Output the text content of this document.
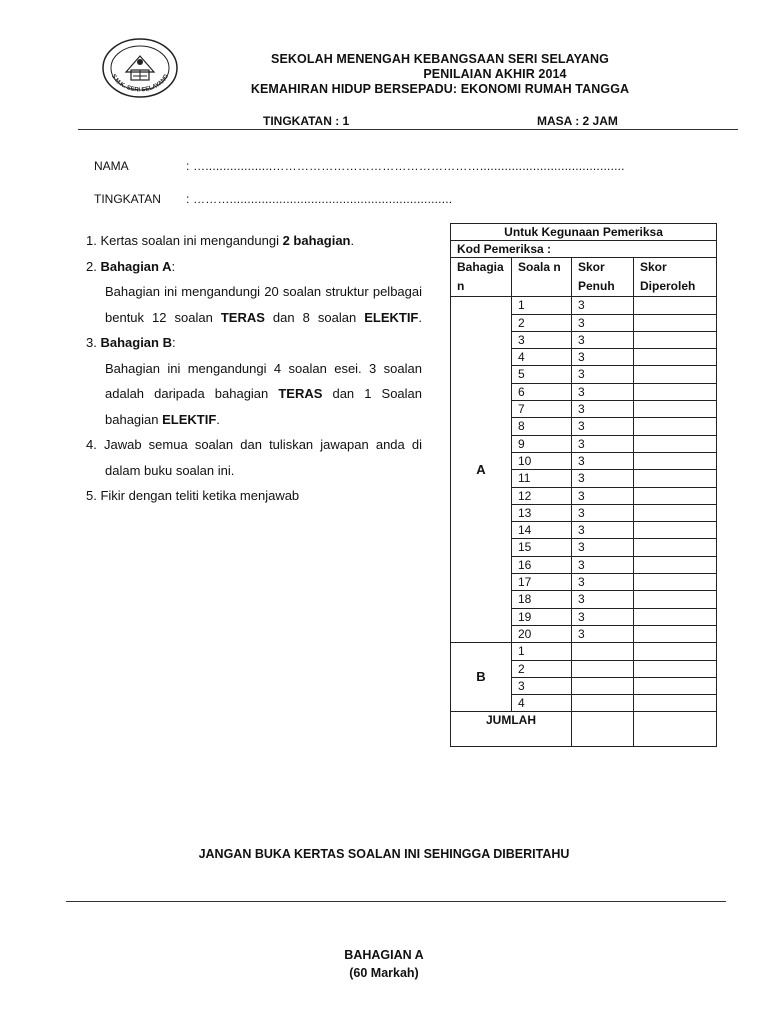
S.M.K. SERI SELAYANG
SEKOLAH MENENGAH KEBANGSAAN SERI SELAYANG
PENILAIAN AKHIR 2014
KEMAHIRAN HIDUP BERSEPADU: EKONOMI RUMAH TANGGA
TINGKATAN : 1	MASA : 2 JAM
NAMA	: …...................…………………………………………….........................................
TINGKATAN : ………...............................................................
1. Kertas soalan ini mengandungi 2 bahagian.
2. Bahagian A:
Bahagian ini mengandungi 20 soalan struktur pelbagai
bentuk 12 soalan TERAS dan 8 soalan ELEKTIF.
3. Bahagian B:
Bahagian ini mengandungi 4 soalan esei. 3 soalan
adalah daripada bahagian TERAS dan 1 Soalan
bahagian ELEKTIF.
4. Jawab semua soalan dan tuliskan jawapan anda di
dalam buku soalan ini.
5. Fikir dengan teliti ketika menjawab
Untuk Kegunaan Pemeriksa			
Kod Pemeriksa :			
Bahagia n	Soala n	Skor Penuh	Skor Diperoleh
A	1	3	
	2	3	
	3	3	
	4	3	
	5	3	
	6	3	
	7	3	
	8	3	
	9	3	
	10	3	
	11	3	
	12	3	
	13	3	
	14	3	
	15	3	
	16	3	
	17	3	
	18	3	
	19	3	
	20	3	
B	1		
	2		
	3		
	4		
JUMLAH			
JANGAN BUKA KERTAS SOALAN INI SEHINGGA DIBERITAHU
BAHAGIAN A
(60 Markah)
